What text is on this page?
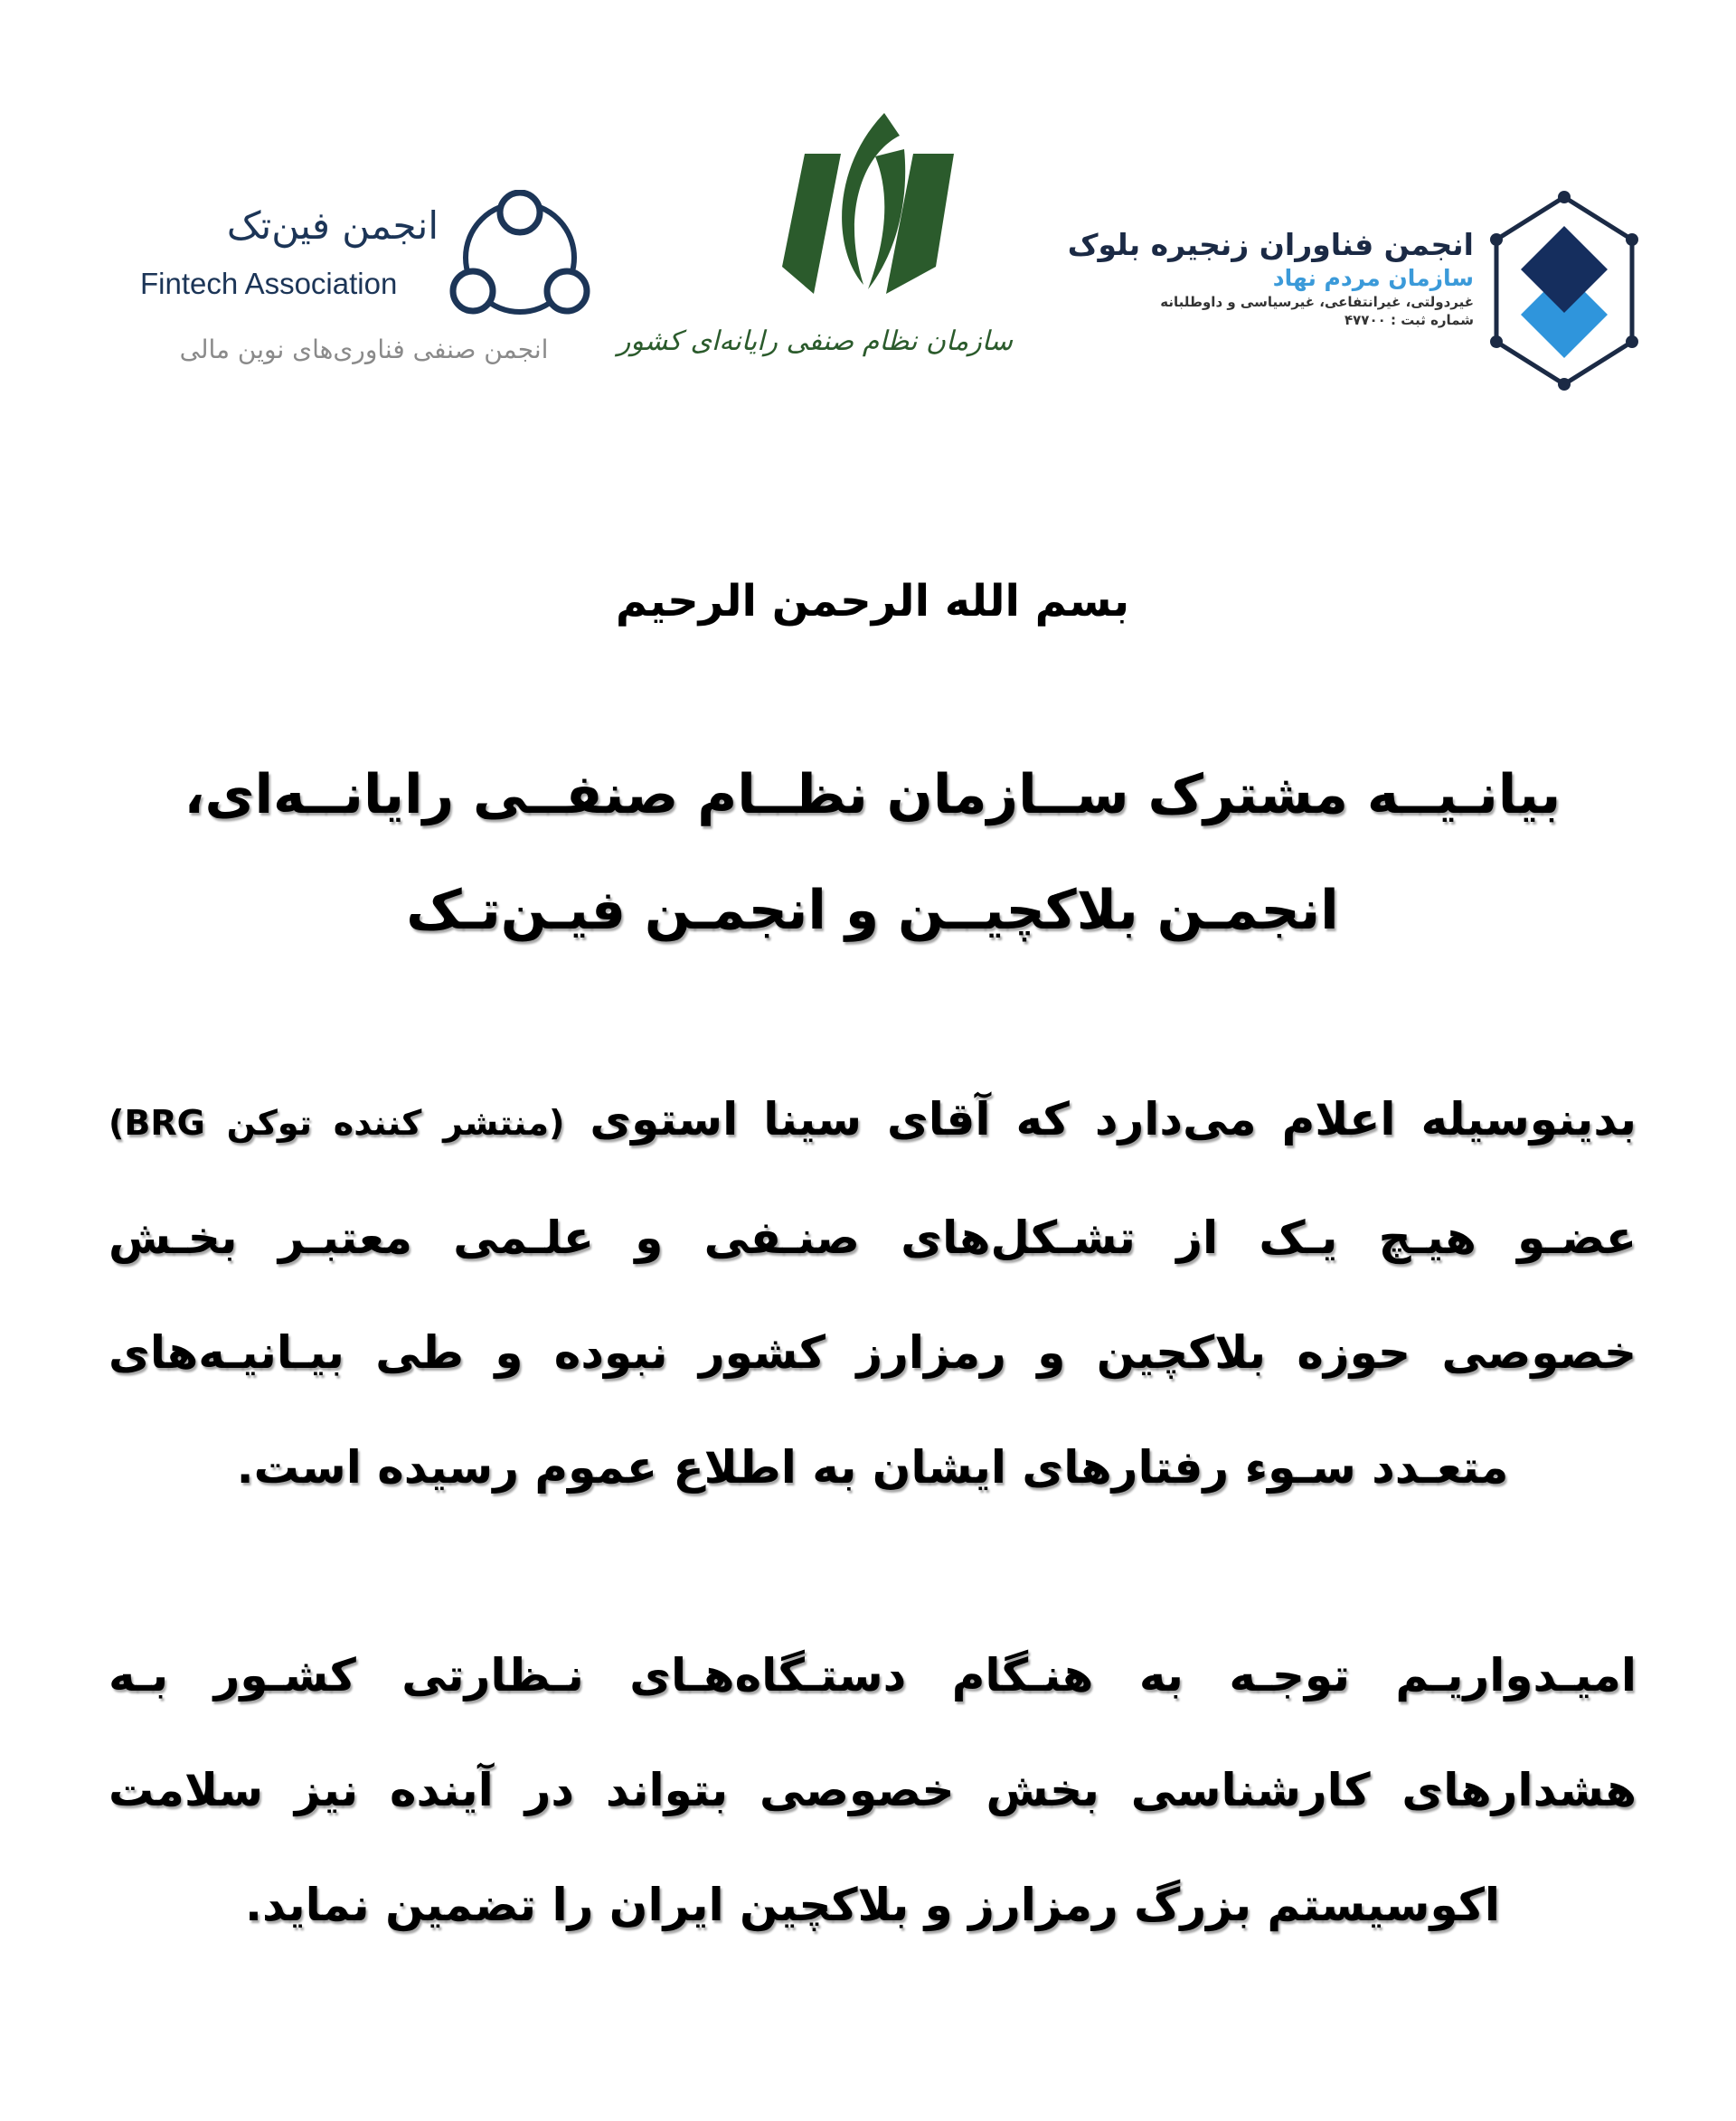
انجمن فناوران زنجیره بلوک
سازمان مردم نهاد
غیردولتی، غیرانتفاعی، غیرسیاسی و داوطلبانه
شماره ثبت : ۴۷۷۰۰
سازمان نظام صنفی رایانه‌ای کشور
انجمن فین‌تک
Fintech Association
انجمن صنفی فناوری‌های نوین مالی
بسم الله الرحمن الرحیم
بیانـیــه مشترک ســازمان نظــام صنفــی رایانــه‌ای،
انجمـن بلاکچیــن و انجمـن فیـن‌تـک
بدینوسیله اعلام می‌دارد که آقای سینا استوی (منتشر کننده توکن BRG)
عضـو هیـچ یـک از تشـکل‌های صنـفی و علـمی معتبـر بخـش
خصوصی حوزه بلاکچین و رمزارز کشور نبوده و طی بیـانیـه‌های
متعـدد سـوء رفتارهای ایشان به اطلاع عموم رسیده است.
امیـدواریـم توجـه به هنـگام دستـگاه‌هـای نـظارتی کشـور بـه
هشدارهای کارشناسی بخش خصوصی بتواند در آینده نیز سلامت
اکوسیستم بزرگ رمزارز و بلاکچین ایران را تضمین نماید.
